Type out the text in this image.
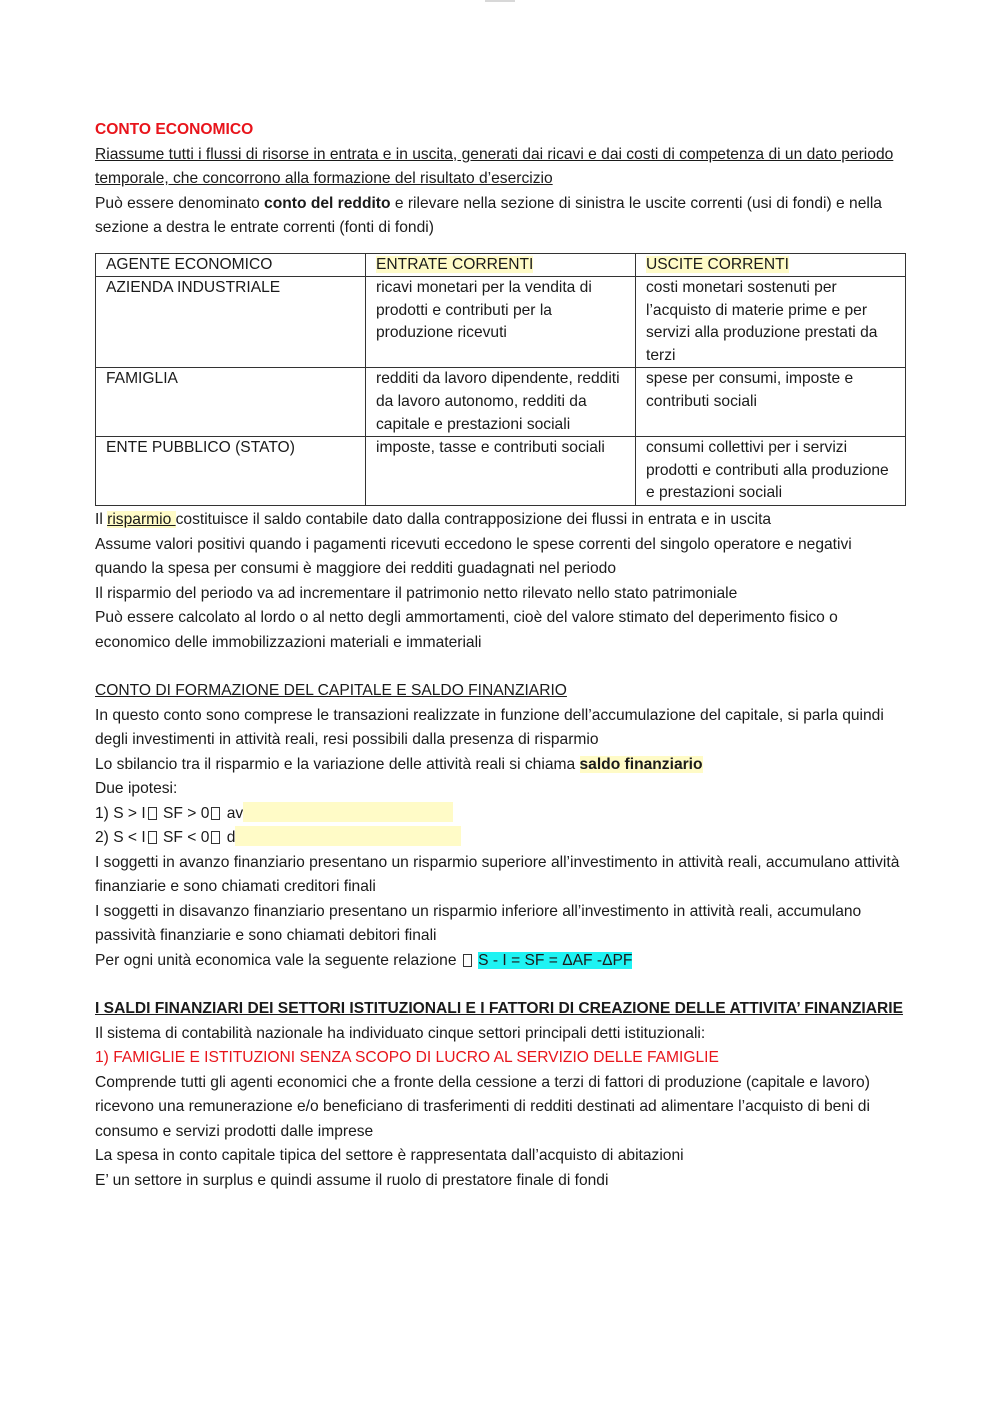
CONTO ECONOMICO

Riassume tutti i flussi di risorse in entrata e in uscita, generati dai ricavi e dai costi di competenza di un dato periodo temporale, che concorrono alla formazione del risultato d’esercizio

Può essere denominato conto del reddito e rilevare nella sezione di sinistra le uscite correnti (usi di fondi) e nella sezione a destra le entrate correnti (fonti di fondi)

AGENTE ECONOMICO	ENTRATE CORRENTI	USCITE CORRENTI
AZIENDA INDUSTRIALE	ricavi monetari per la vendita di prodotti e contributi per la produzione ricevuti	costi monetari sostenuti per l’acquisto di materie prime e per servizi alla produzione prestati da terzi
FAMIGLIA	redditi da lavoro dipendente, redditi da lavoro autonomo, redditi da capitale e prestazioni sociali	spese per consumi, imposte e contributi sociali
ENTE PUBBLICO (STATO)	imposte, tasse e contributi sociali	consumi collettivi per i servizi prodotti e contributi alla produzione e prestazioni sociali

Il risparmio costituisce il saldo contabile dato dalla contrapposizione dei flussi in entrata e in uscita

Assume valori positivi quando i pagamenti ricevuti eccedono le spese correnti del singolo operatore e negativi quando la spesa per consumi è maggiore dei redditi guadagnati nel periodo

Il risparmio del periodo va ad incrementare il patrimonio netto rilevato nello stato patrimoniale

Può essere calcolato al lordo o al netto degli ammortamenti, cioè del valore stimato del deperimento fisico o economico delle immobilizzazioni materiali e immateriali

CONTO DI FORMAZIONE DEL CAPITALE E SALDO FINANZIARIO

In questo conto sono comprese le transazioni realizzate in funzione dell’accumulazione del capitale, si parla quindi degli investimenti in attività reali, resi possibili dalla presenza di risparmio

Lo sbilancio tra il risparmio e la variazione delle attività reali si chiama saldo finanziario

Due ipotesi:

1) S > I SF > 0 av

2) S < I SF < 0 d

I soggetti in avanzo finanziario presentano un risparmio superiore all’investimento in attività reali, accumulano attività finanziarie e sono chiamati creditori finali

I soggetti in disavanzo finanziario presentano un risparmio inferiore all’investimento in attività reali, accumulano passività finanziarie e sono chiamati debitori finali

Per ogni unità economica vale la seguente relazione  S - I = SF = ΔAF -ΔPF

I SALDI FINANZIARI DEI SETTORI ISTITUZIONALI E I FATTORI DI CREAZIONE DELLE ATTIVITA’ FINANZIARIE

Il sistema di contabilità nazionale ha individuato cinque settori principali detti istituzionali:

1) FAMIGLIE E ISTITUZIONI SENZA SCOPO DI LUCRO AL SERVIZIO DELLE FAMIGLIE

Comprende tutti gli agenti economici che a fronte della cessione a terzi di fattori di produzione (capitale e lavoro) ricevono una remunerazione e/o beneficiano di trasferimenti di redditi destinati ad alimentare l’acquisto di beni di consumo e servizi prodotti dalle imprese

La spesa in conto capitale tipica del settore è rappresentata dall’acquisto di abitazioni

E’ un settore in surplus e quindi assume il ruolo di prestatore finale di fondi
